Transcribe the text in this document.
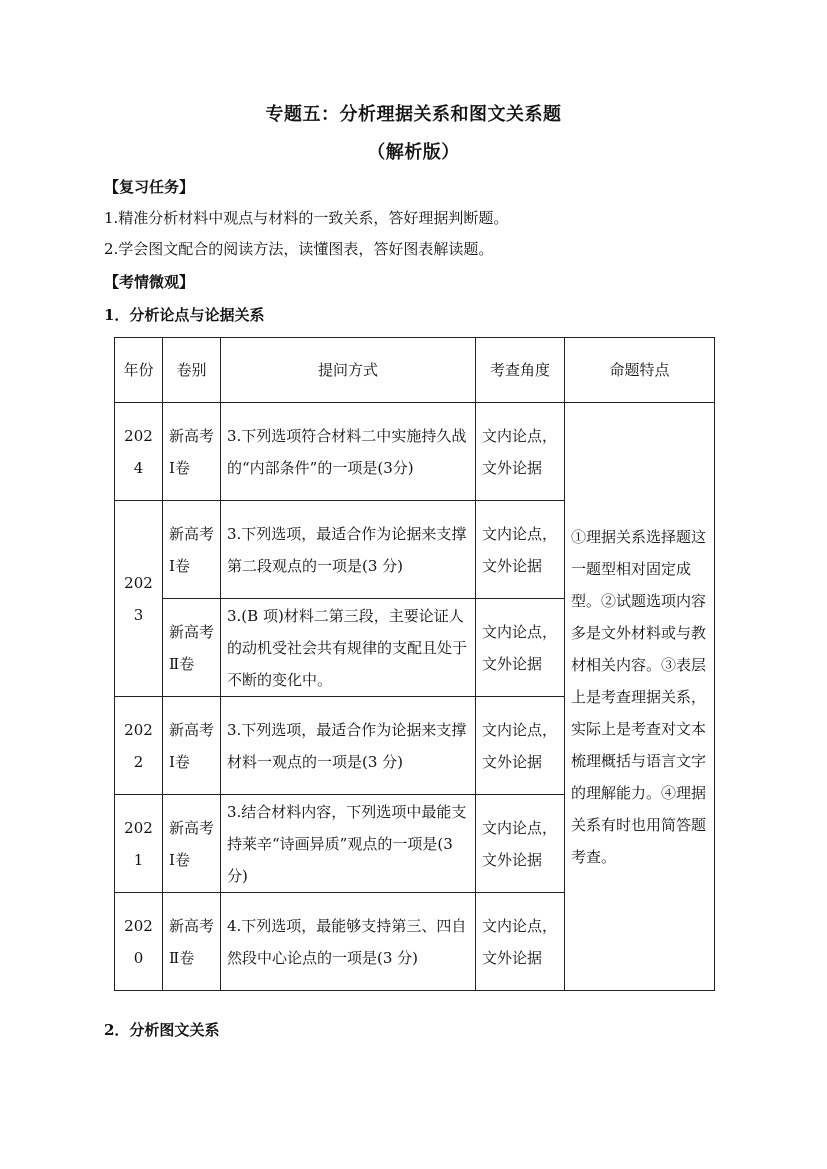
专题五：分析理据关系和图文关系题
（解析版）
【复习任务】
1.精准分析材料中观点与材料的一致关系，答好理据判断题。
2.学会图文配合的阅读方法，读懂图表，答好图表解读题。
【考情微观】
1．分析论点与论据关系
年份	卷别	提问方式	考查角度	命题特点
2024	新高考Ⅰ卷	3.下列选项符合材料二中实施持久战的“内部条件”的一项是(3分)	文内论点，文外论据	①理据关系选择题这一题型相对固定成型。②试题选项内容多是文外材料或与教材相关内容。③表层上是考查理据关系，实际上是考查对文本梳理概括与语言文字的理解能力。④理据关系有时也用简答题考查。
2023	新高考Ⅰ卷	3.下列选项，最适合作为论据来支撑第二段观点的一项是(3 分)	文内论点，文外论据	
	新高考Ⅱ卷	3.(B 项)材料二第三段，主要论证人的动机受社会共有规律的支配且处于不断的变化中。	文内论点，文外论据	
2022	新高考Ⅰ卷	3.下列选项，最适合作为论据来支撑材料一观点的一项是(3 分)	文内论点，文外论据	
2021	新高考Ⅰ卷	3.结合材料内容，下列选项中最能支持莱辛“诗画异质”观点的一项是(3 分)	文内论点，文外论据	
2020	新高考Ⅱ卷	4.下列选项，最能够支持第三、四自然段中心论点的一项是(3 分)	文内论点，文外论据	
2．分析图文关系
